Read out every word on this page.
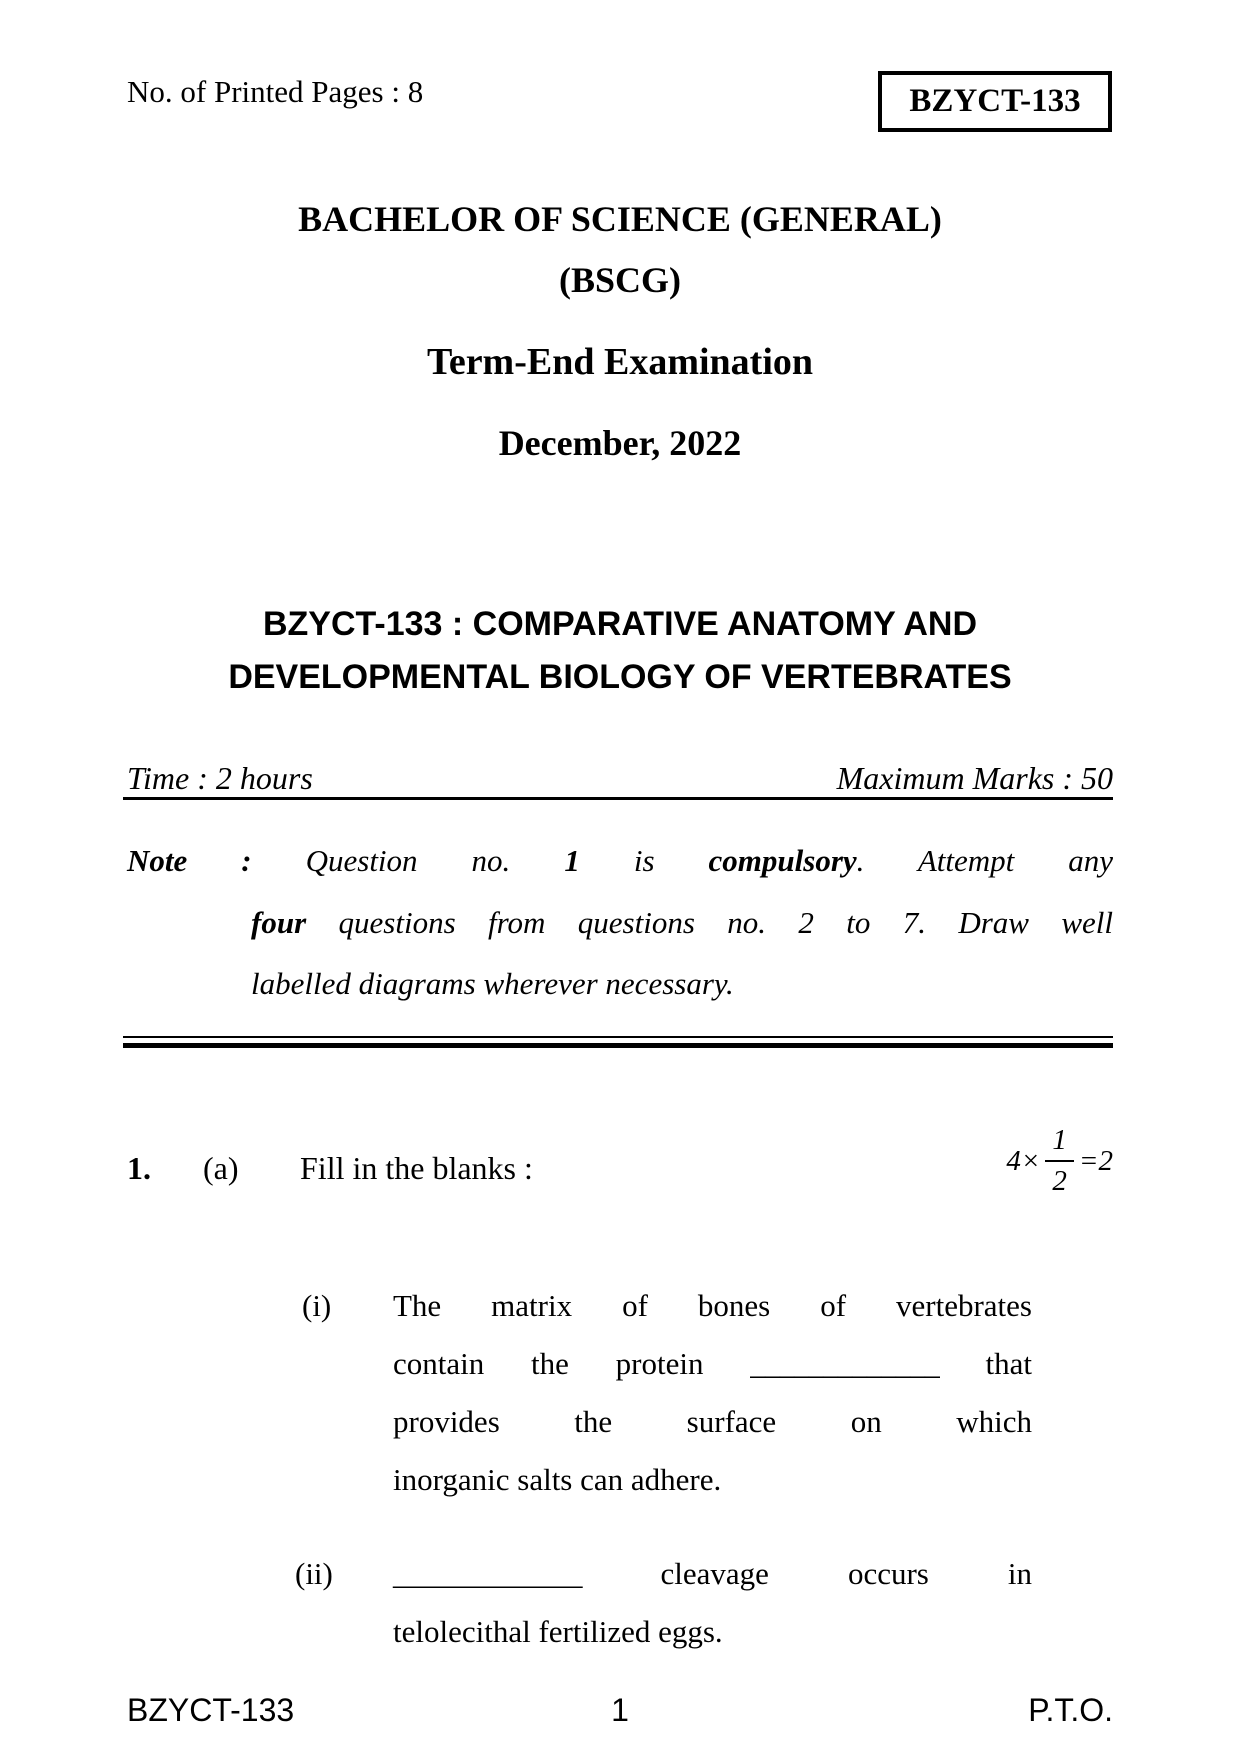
No. of Printed Pages : 8	BZYCT-133
BACHELOR OF SCIENCE (GENERAL)
(BSCG)
Term-End Examination
December, 2022
BZYCT-133 : COMPARATIVE ANATOMY AND
DEVELOPMENTAL BIOLOGY OF VERTEBRATES
Time : 2 hours	Maximum Marks : 50
Note : Question no. 1 is compulsory. Attempt any
four questions from questions no. 2 to 7. Draw well
labelled diagrams wherever necessary.
1. (a) Fill in the blanks :	$4\times \frac{1}{2} =2$
(i) The matrix of bones of vertebrates
contain the protein _____________ that
provides the surface on which
inorganic salts can adhere.
(ii) _____________	cleavage occurs in
telolecithal fertilized eggs.
BZYCT-133	1	P.T.O.
